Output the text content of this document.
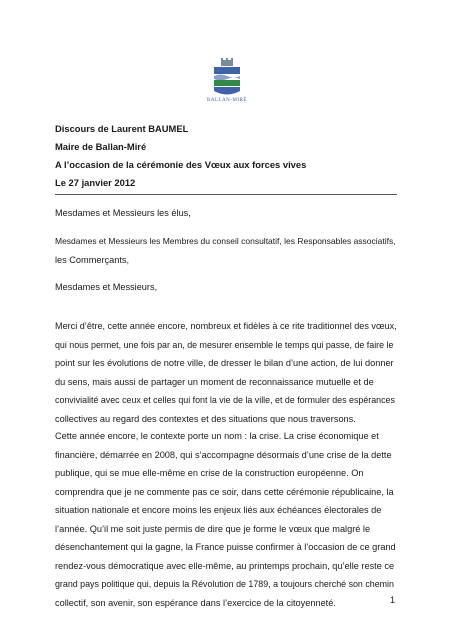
BALLAN-MIRÉ

Discours de Laurent BAUMEL

Maire de Ballan-Miré

A l’occasion de la cérémonie des Vœux aux forces vives

Le 27 janvier 2012

Mesdames et Messieurs les élus,
Mesdames et Messieurs les Membres du conseil consultatif, les Responsables associatifs,
les Commerçants,
Mesdames et Messieurs,
Merci d’être, cette année encore, nombreux et fidèles à ce rite traditionnel des vœux,
qui nous permet, une fois par an, de mesurer ensemble le temps qui passe, de faire le
point sur les évolutions de notre ville, de dresser le bilan d’une action, de lui donner
du sens, mais aussi de partager un moment de reconnaissance mutuelle et de
convivialité avec ceux et celles qui font la vie de la ville, et de formuler des espérances
collectives au regard des contextes et des situations que nous traversons.
Cette année encore, le contexte porte un nom : la crise. La crise économique et
financière, démarrée en 2008, qui s’accompagne désormais d’une crise de la dette
publique, qui se mue elle-même en crise de la construction européenne. On
comprendra que je ne commente pas ce soir, dans cette cérémonie républicaine, la
situation nationale et encore moins les enjeux liés aux échéances électorales de
l’année. Qu’il me soit juste permis de dire que je forme le vœux que malgré le
désenchantement qui la gagne, la France puisse confirmer à l’occasion de ce grand
rendez-vous démocratique avec elle-même, au printemps prochain, qu’elle reste ce
grand pays politique qui, depuis la Révolution de 1789, a toujours cherché son chemin
collectif, son avenir, son espérance dans l’exercice de la citoyenneté.	1
